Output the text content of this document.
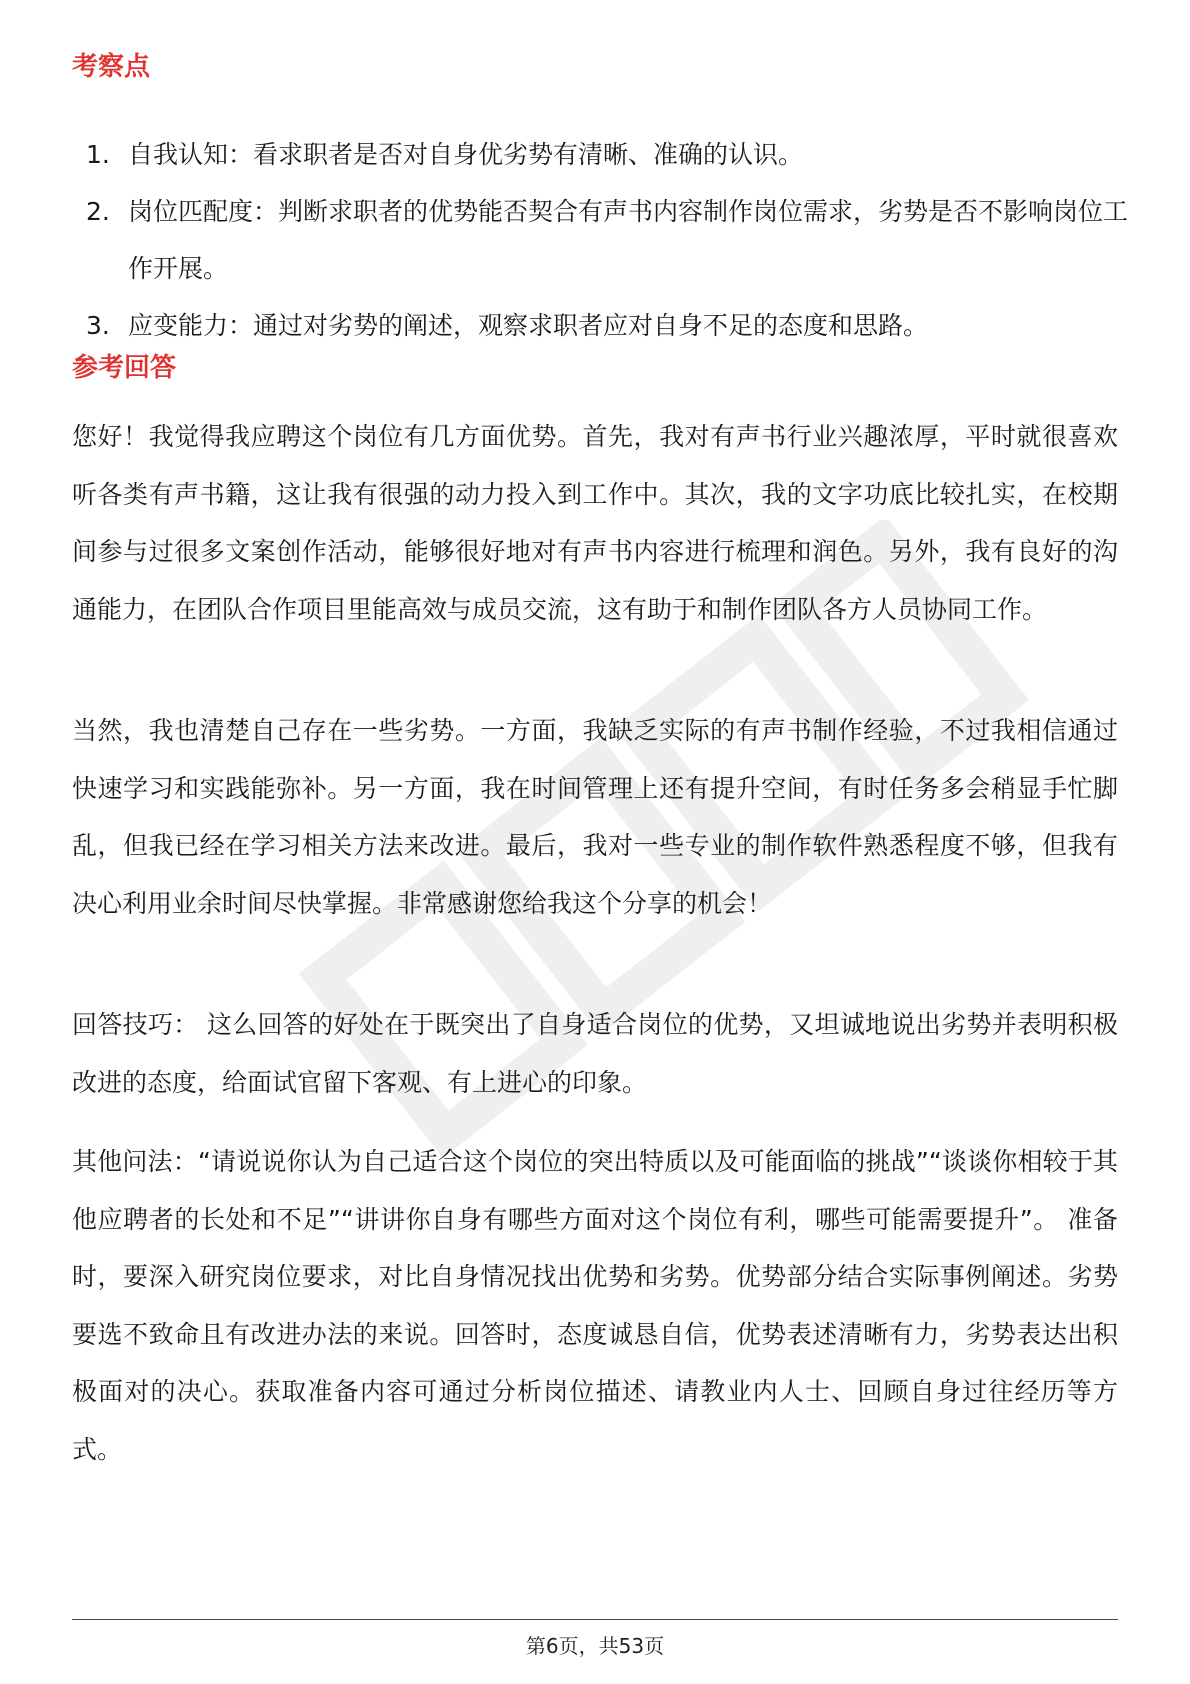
考察点
1. 自我认知：看求职者是否对自身优劣势有清晰、准确的认识。
2. 岗位匹配度：判断求职者的优势能否契合有声书内容制作岗位需求，劣势是否不影响岗位工作开展。
3. 应变能力：通过对劣势的阐述，观察求职者应对自身不足的态度和思路。
参考回答

您好！我觉得我应聘这个岗位有几方面优势。首先，我对有声书行业兴趣浓厚，平时就很喜欢听各类有声书籍，这让我有很强的动力投入到工作中。其次，我的文字功底比较扎实，在校期间参与过很多文案创作活动，能够很好地对有声书内容进行梳理和润色。另外，我有良好的沟通能力，在团队合作项目里能高效与成员交流，这有助于和制作团队各方人员协同工作。

当然，我也清楚自己存在一些劣势。一方面，我缺乏实际的有声书制作经验，不过我相信通过快速学习和实践能弥补。另一方面，我在时间管理上还有提升空间，有时任务多会稍显手忙脚乱，但我已经在学习相关方法来改进。最后，我对一些专业的制作软件熟悉程度不够，但我有决心利用业余时间尽快掌握。非常感谢您给我这个分享的机会！

回答技巧： 这么回答的好处在于既突出了自身适合岗位的优势，又坦诚地说出劣势并表明积极改进的态度，给面试官留下客观、有上进心的印象。

其他问法：“请说说你认为自己适合这个岗位的突出特质以及可能面临的挑战”“谈谈你相较于其他应聘者的长处和不足”“讲讲你自身有哪些方面对这个岗位有利，哪些可能需要提升”。 准备时，要深入研究岗位要求，对比自身情况找出优势和劣势。优势部分结合实际事例阐述。劣势要选不致命且有改进办法的来说。回答时，态度诚恳自信，优势表述清晰有力，劣势表达出积极面对的决心。获取准备内容可通过分析岗位描述、请教业内人士、回顾自身过往经历等方式。

第6页，共53页
